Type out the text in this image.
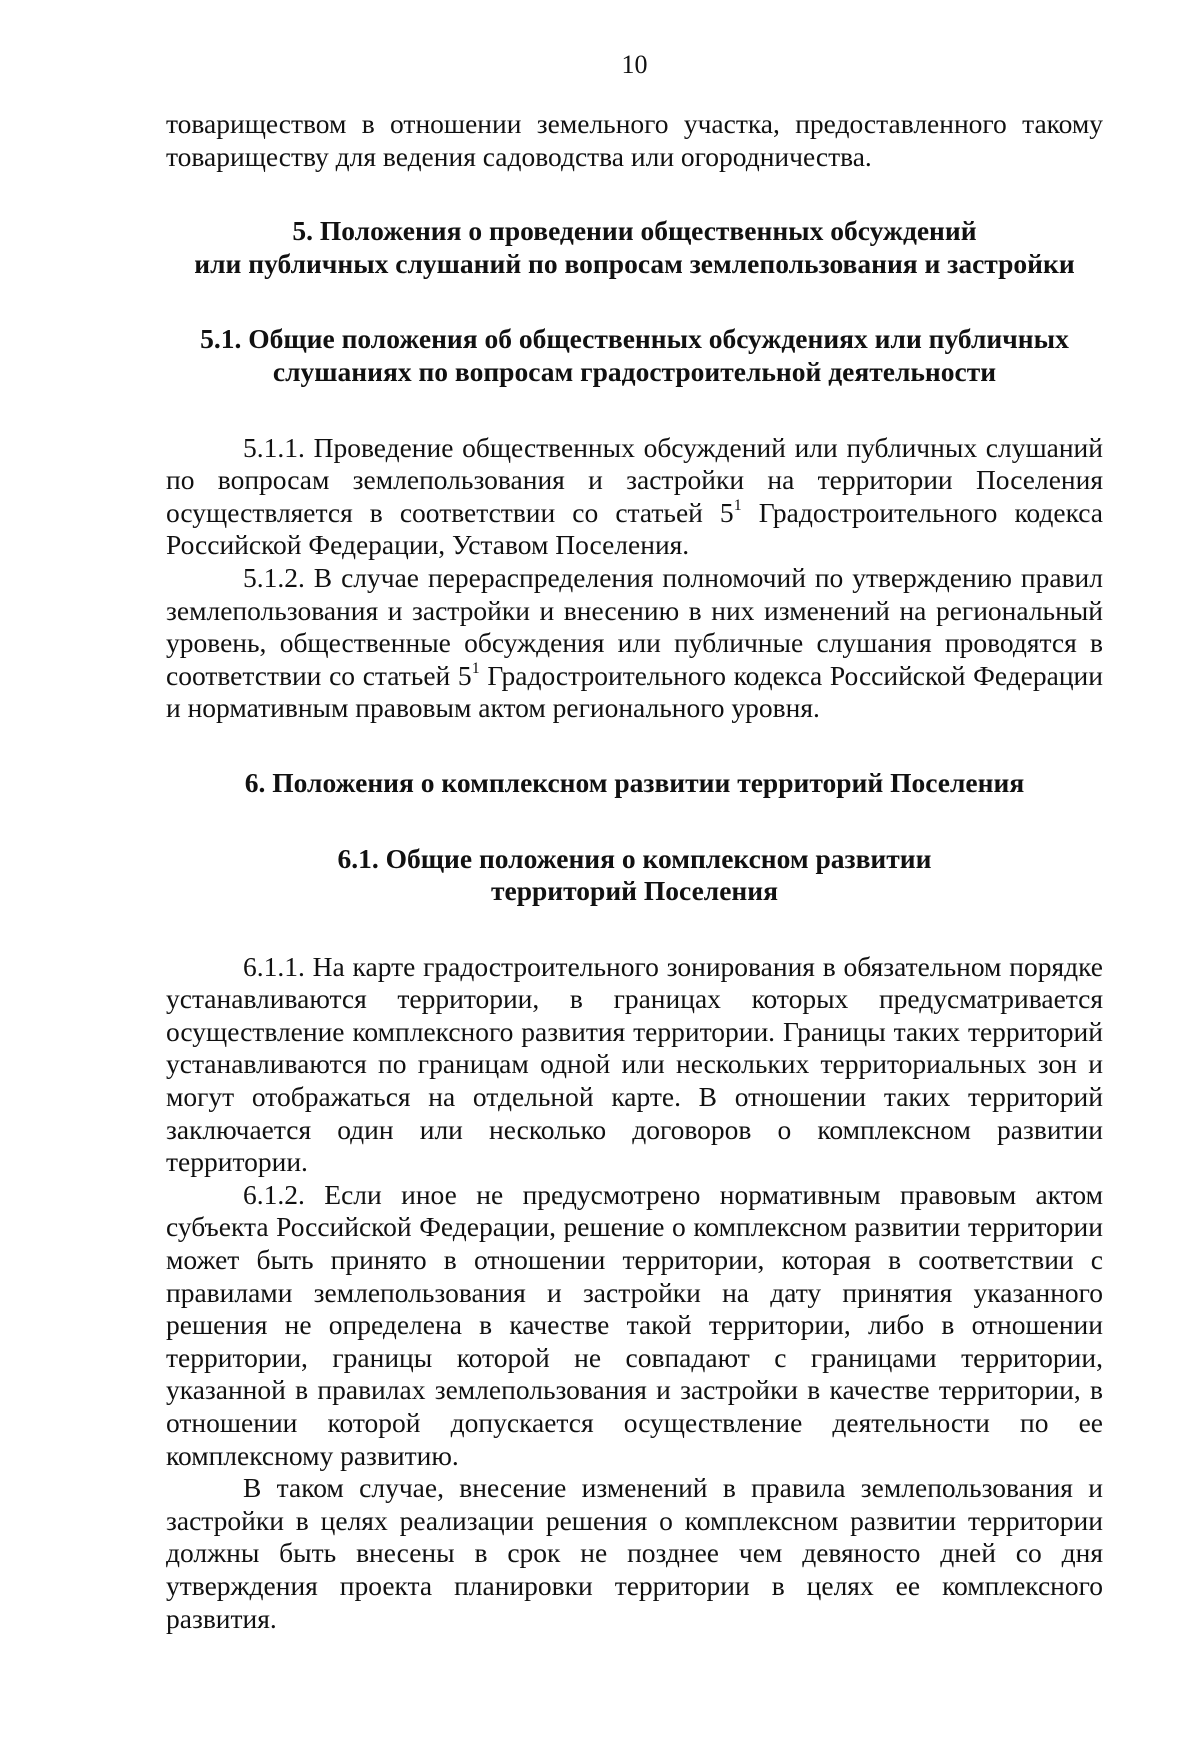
10

товариществом в отношении земельного участка, предоставленного такому товариществу для ведения садоводства или огородничества.

5. Положения о проведении общественных обсуждений
или публичных слушаний по вопросам землепользования и застройки
5.1. Общие положения об общественных обсуждениях или публичных
слушаниях по вопросам градостроительной деятельности

5.1.1. Проведение общественных обсуждений или публичных слушаний по вопросам землепользования и застройки на территории Поселения осуществляется в соответствии со статьей $5^1$ Градостроительного кодекса Российской Федерации, Уставом Поселения.

5.1.2. В случае перераспределения полномочий по утверждению правил землепользования и застройки и внесению в них изменений на региональный уровень, общественные обсуждения или публичные слушания проводятся в соответствии со статьей $5^1$ Градостроительного кодекса Российской Федерации и нормативным правовым актом регионального уровня.

6. Положения о комплексном развитии территорий Поселения
6.1. Общие положения о комплексном развитии
территорий Поселения

6.1.1. На карте градостроительного зонирования в обязательном порядке устанавливаются территории, в границах которых предусматривается осуществление комплексного развития территории. Границы таких территорий устанавливаются по границам одной или нескольких территориальных зон и могут отображаться на отдельной карте. В отношении таких территорий заключается один или несколько договоров о комплексном развитии территории.

6.1.2. Если иное не предусмотрено нормативным правовым актом субъекта Российской Федерации, решение о комплексном развитии территории может быть принято в отношении территории, которая в соответствии с правилами землепользования и застройки на дату принятия указанного решения не определена в качестве такой территории, либо в отношении территории, границы которой не совпадают с границами территории, указанной в правилах землепользования и застройки в качестве территории, в отношении которой допускается осуществление деятельности по ее комплексному развитию.

В таком случае, внесение изменений в правила землепользования и застройки в целях реализации решения о комплексном развитии территории должны быть внесены в срок не позднее чем девяносто дней со дня утверждения проекта планировки территории в целях ее комплексного развития.
